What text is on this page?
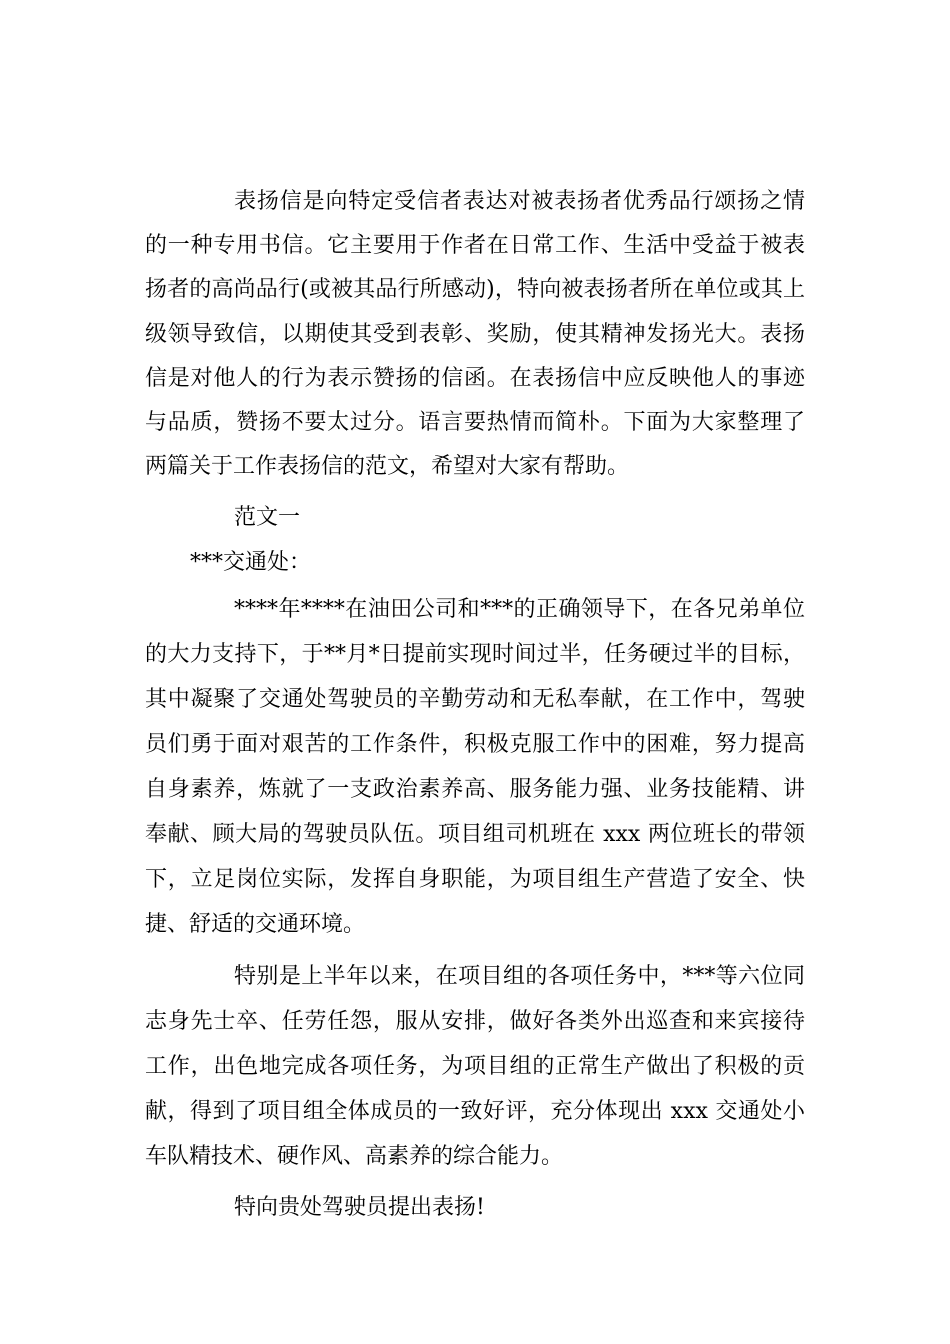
表扬信是向特定受信者表达对被表扬者优秀品行颂扬之情
的一种专用书信。它主要用于作者在日常工作、生活中受益于被表
扬者的高尚品行(或被其品行所感动)，特向被表扬者所在单位或其上
级领导致信，以期使其受到表彰、奖励，使其精神发扬光大。表扬
信是对他人的行为表示赞扬的信函。在表扬信中应反映他人的事迹
与品质，赞扬不要太过分。语言要热情而简朴。下面为大家整理了
两篇关于工作表扬信的范文，希望对大家有帮助。
范文一
***交通处：
****年****在油田公司和***的正确领导下，在各兄弟单位
的大力支持下，于**月*日提前实现时间过半，任务硬过半的目标，
其中凝聚了交通处驾驶员的辛勤劳动和无私奉献，在工作中，驾驶
员们勇于面对艰苦的工作条件，积极克服工作中的困难，努力提高
自身素养，炼就了一支政治素养高、服务能力强、业务技能精、讲
奉献、顾大局的驾驶员队伍。项目组司机班在 xxx 两位班长的带领
下，立足岗位实际，发挥自身职能，为项目组生产营造了安全、快
捷、舒适的交通环境。
特别是上半年以来，在项目组的各项任务中，***等六位同
志身先士卒、任劳任怨，服从安排，做好各类外出巡查和来宾接待
工作，出色地完成各项任务，为项目组的正常生产做出了积极的贡
献，得到了项目组全体成员的一致好评，充分体现出 xxx 交通处小
车队精技术、硬作风、高素养的综合能力。
特向贵处驾驶员提出表扬!
